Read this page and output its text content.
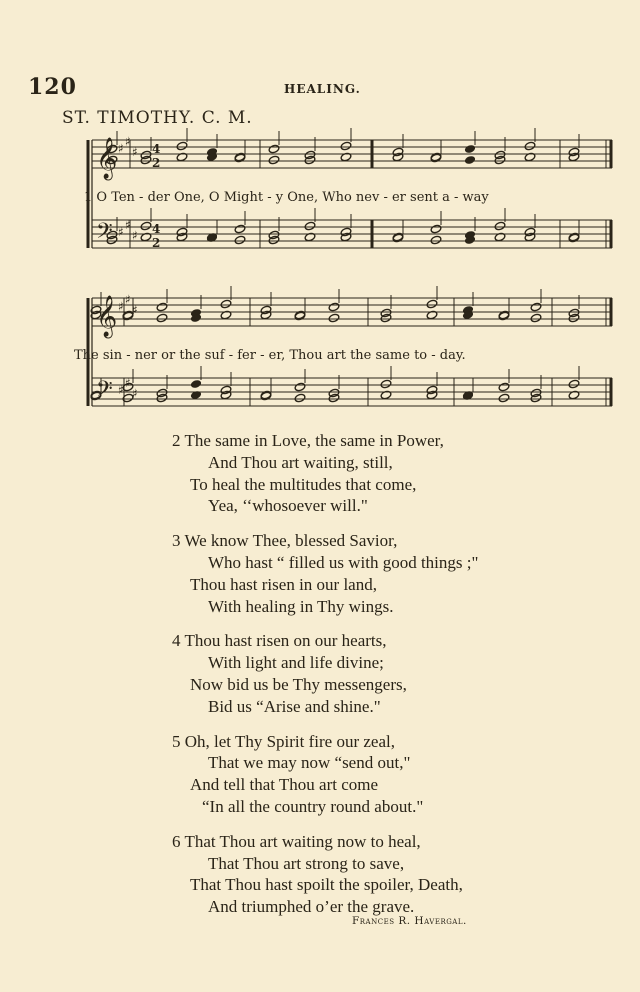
120	HEALING.
ST. TIMOTHY. C. M.
𝄞
𝄞
𝄢
𝄢
♯ ♯
♯
♯ ♯
♯
♯ ♯
♯
♯ ♯
♯
4
2
4
2
1 O Ten - der One, O Might - y One, Who nev - er sent a - way
The sin - ner or the suf - fer - er, Thou art the same to - day.
2 The same in Love, the same in Power,
And Thou art waiting, still,
To heal the multitudes that come,
Yea, ‘‘whosoever will."
3 We know Thee, blessed Savior,
Who hast “ filled us with good things ;"
Thou hast risen in our land,
With healing in Thy wings.
4 Thou hast risen on our hearts,
With light and life divine;
Now bid us be Thy messengers,
Bid us “Arise and shine."
5 Oh, let Thy Spirit fire our zeal,
That we may now “send out,"
And tell that Thou art come
“In all the country round about."
6 That Thou art waiting now to heal,
That Thou art strong to save,
That Thou hast spoilt the spoiler, Death,
And triumphed o’er the grave.
Frances R. Havergal.
